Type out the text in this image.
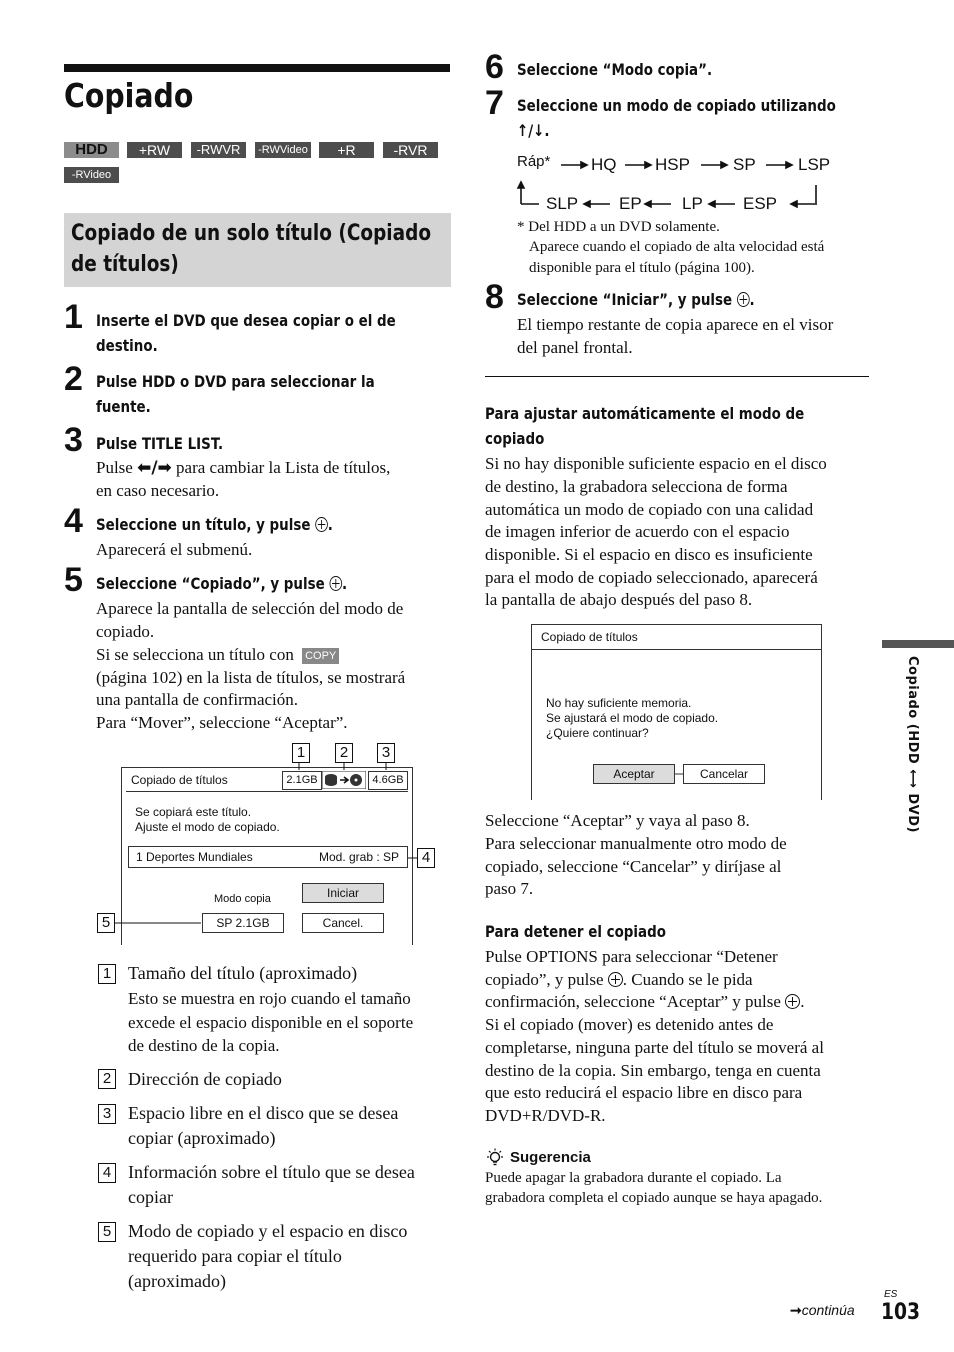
Copiado
HDD	+RW	-RWVR	-RWVideo	+R	-RVR
-RVideo
Copiado de un solo título (Copiado de títulos)
1 Inserte el DVD que desea copiar o el de
destino.
2 Pulse HDD o DVD para seleccionar la
fuente.
3 Pulse TITLE LIST.
Pulse ⬅/➡ para cambiar la Lista de títulos,
en caso necesario.
4 Seleccione un título, y pulse .
Aparecerá el submenú.
5 Seleccione “Copiado”, y pulse .
Aparece la pantalla de selección del modo de
copiado.
Si se selecciona un título con COPY
(página 102) en la lista de títulos, se mostrará
una pantalla de confirmación.
Para “Mover”, seleccione “Aceptar”.
1	2	3
4
5
Copiado de títulos	2.1GB	4.6GB
Se copiará este título.
Ajuste el modo de copiado.
1 Deportes Mundiales	Mod. grab : SP
Modo copia	Iniciar
SP 2.1GB	Cancel.
1 Tamaño del título (aproximado)
Esto se muestra en rojo cuando el tamaño
excede el espacio disponible en el soporte
de destino de la copia.
2 Dirección de copiado
3 Espacio libre en el disco que se desea
copiar (aproximado)
4 Información sobre el título que se desea
copiar
5 Modo de copiado y el espacio en disco
requerido para copiar el título
(aproximado)
6 Seleccione “Modo copia”.
7 Seleccione un modo de copiado utilizando
↑/↓.
Ráp* HQ HSP	SP LSP
SLP EP LP ESP
* Del HDD a un DVD solamente.
Aparece cuando el copiado de alta velocidad está
disponible para el título (página 100).
8 Seleccione “Iniciar”, y pulse .
El tiempo restante de copia aparece en el visor
del panel frontal.
Para ajustar automáticamente el modo de
copiado
Si no hay disponible suficiente espacio en el disco
de destino, la grabadora selecciona de forma
automática un modo de copiado con una calidad
de imagen inferior de acuerdo con el espacio
disponible. Si el espacio en disco es insuficiente
para el modo de copiado seleccionado, aparecerá
la pantalla de abajo después del paso 8.
Copiado de títulos
No hay suficiente memoria.
Se ajustará el modo de copiado.
¿Quiere continuar?
Aceptar	Cancelar
Seleccione “Aceptar” y vaya al paso 8.
Para seleccionar manualmente otro modo de
copiado, seleccione “Cancelar” y diríjase al
paso 7.
Para detener el copiado
Pulse OPTIONS para seleccionar “Detener
copiado”, y pulse . Cuando se le pida
confirmación, seleccione “Aceptar” y pulse .
Si el copiado (mover) es detenido antes de
completarse, ninguna parte del título se moverá al
destino de la copia. Sin embargo, tenga en cuenta
que esto reducirá el espacio libre en disco para
DVD+R/DVD-R.
Sugerencia
Puede apagar la grabadora durante el copiado. La
grabadora completa el copiado aunque se haya apagado.
Copiado (HDD ⟷ DVD)
➞continúa
ES
103
